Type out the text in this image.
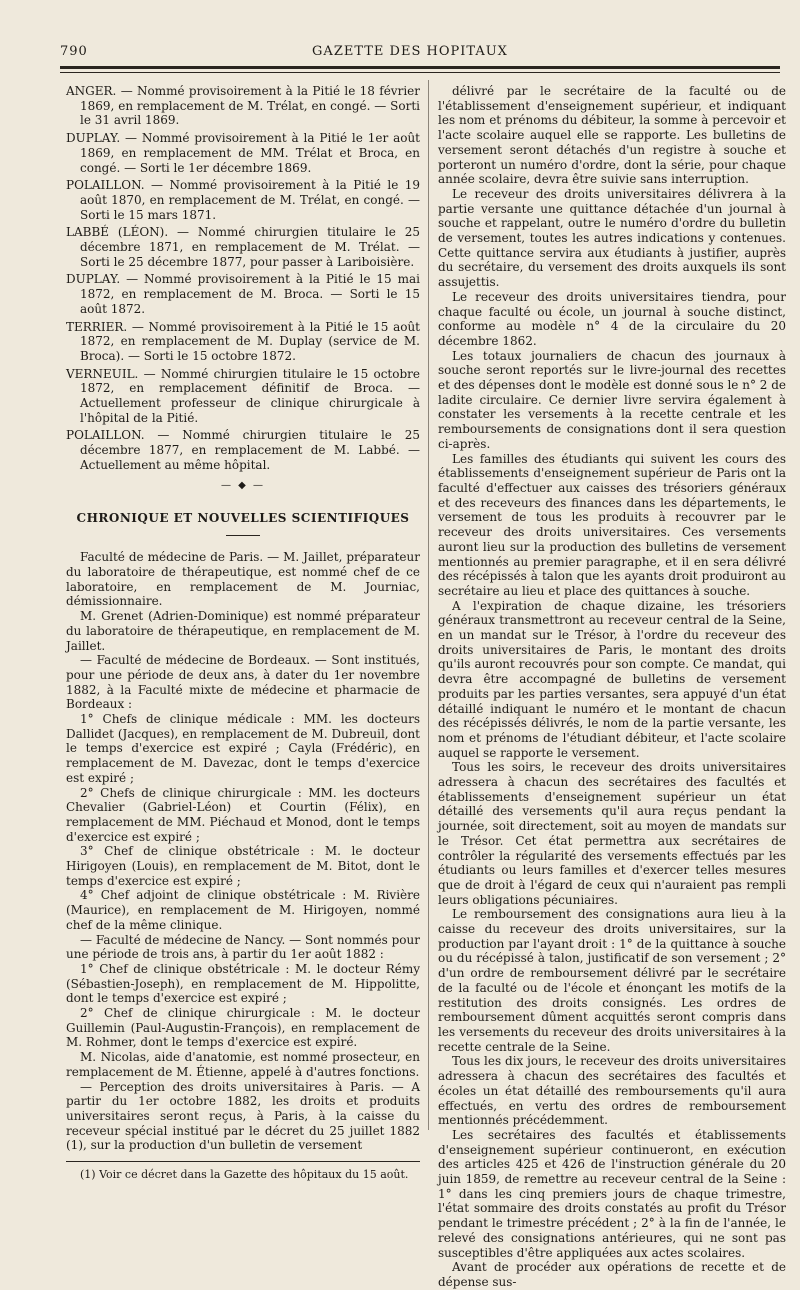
790	GAZETTE DES HOPITAUX

ANGER. — Nommé provisoirement à la Pitié le 18 février 1869, en remplacement de M. Trélat, en congé. — Sorti le 31 avril 1869.

DUPLAY. — Nommé provisoirement à la Pitié le 1er août 1869, en remplacement de MM. Trélat et Broca, en congé. — Sorti le 1er décembre 1869.

POLAILLON. — Nommé provisoirement à la Pitié le 19 août 1870, en remplacement de M. Trélat, en congé. — Sorti le 15 mars 1871.

LABBÉ (LÉON). — Nommé chirurgien titulaire le 25 décembre 1871, en remplacement de M. Trélat. — Sorti le 25 décembre 1877, pour passer à Lariboisière.

DUPLAY. — Nommé provisoirement à la Pitié le 15 mai 1872, en remplacement de M. Broca. — Sorti le 15 août 1872.

TERRIER. — Nommé provisoirement à la Pitié le 15 août 1872, en remplacement de M. Duplay (service de M. Broca). — Sorti le 15 octobre 1872.

VERNEUIL. — Nommé chirurgien titulaire le 15 octobre 1872, en remplacement définitif de Broca. — Actuellement professeur de clinique chirurgicale à l'hôpital de la Pitié.

POLAILLON. — Nommé chirurgien titulaire le 25 décembre 1877, en remplacement de M. Labbé. — Actuellement au même hôpital.

— ◆ —
CHRONIQUE ET NOUVELLES SCIENTIFIQUES

Faculté de médecine de Paris. — M. Jaillet, préparateur du laboratoire de thérapeutique, est nommé chef de ce laboratoire, en remplacement de M. Journiac, démissionnaire.

M. Grenet (Adrien-Dominique) est nommé préparateur du laboratoire de thérapeutique, en remplacement de M. Jaillet.

— Faculté de médecine de Bordeaux. — Sont institués, pour une période de deux ans, à dater du 1er novembre 1882, à la Faculté mixte de médecine et pharmacie de Bordeaux :

1° Chefs de clinique médicale : MM. les docteurs Dallidet (Jacques), en remplacement de M. Dubreuil, dont le temps d'exercice est expiré ; Cayla (Frédéric), en remplacement de M. Davezac, dont le temps d'exercice est expiré ;

2° Chefs de clinique chirurgicale : MM. les docteurs Chevalier (Gabriel-Léon) et Courtin (Félix), en remplacement de MM. Piéchaud et Monod, dont le temps d'exercice est expiré ;

3° Chef de clinique obstétricale : M. le docteur Hirigoyen (Louis), en remplacement de M. Bitot, dont le temps d'exercice est expiré ;

4° Chef adjoint de clinique obstétricale : M. Rivière (Maurice), en remplacement de M. Hirigoyen, nommé chef de la même clinique.

— Faculté de médecine de Nancy. — Sont nommés pour une période de trois ans, à partir du 1er août 1882 :

1° Chef de clinique obstétricale : M. le docteur Rémy (Sébastien-Joseph), en remplacement de M. Hippolitte, dont le temps d'exercice est expiré ;

2° Chef de clinique chirurgicale : M. le docteur Guillemin (Paul-Augustin-François), en remplacement de M. Rohmer, dont le temps d'exercice est expiré.

M. Nicolas, aide d'anatomie, est nommé prosecteur, en remplacement de M. Étienne, appelé à d'autres fonctions.

— Perception des droits universitaires à Paris. — A partir du 1er octobre 1882, les droits et produits universitaires seront reçus, à Paris, à la caisse du receveur spécial institué par le décret du 25 juillet 1882 (1), sur la production d'un bulletin de versement

(1) Voir ce décret dans la Gazette des hôpitaux du 15 août.

délivré par le secrétaire de la faculté ou de l'établissement d'enseignement supérieur, et indiquant les nom et prénoms du débiteur, la somme à percevoir et l'acte scolaire auquel elle se rapporte. Les bulletins de versement seront détachés d'un registre à souche et porteront un numéro d'ordre, dont la série, pour chaque année scolaire, devra être suivie sans interruption.

Le receveur des droits universitaires délivrera à la partie versante une quittance détachée d'un journal à souche et rappelant, outre le numéro d'ordre du bulletin de versement, toutes les autres indications y contenues. Cette quittance servira aux étudiants à justifier, auprès du secrétaire, du versement des droits auxquels ils sont assujettis.

Le receveur des droits universitaires tiendra, pour chaque faculté ou école, un journal à souche distinct, conforme au modèle n° 4 de la circulaire du 20 décembre 1862.

Les totaux journaliers de chacun des journaux à souche seront reportés sur le livre-journal des recettes et des dépenses dont le modèle est donné sous le n° 2 de ladite circulaire. Ce dernier livre servira également à constater les versements à la recette centrale et les remboursements de consignations dont il sera question ci-après.

Les familles des étudiants qui suivent les cours des établissements d'enseignement supérieur de Paris ont la faculté d'effectuer aux caisses des trésoriers généraux et des receveurs des finances dans les départements, le versement de tous les produits à recouvrer par le receveur des droits universitaires. Ces versements auront lieu sur la production des bulletins de versement mentionnés au premier paragraphe, et il en sera délivré des récépissés à talon que les ayants droit produiront au secrétaire au lieu et place des quittances à souche.

A l'expiration de chaque dizaine, les trésoriers généraux transmettront au receveur central de la Seine, en un mandat sur le Trésor, à l'ordre du receveur des droits universitaires de Paris, le montant des droits qu'ils auront recouvrés pour son compte. Ce mandat, qui devra être accompagné de bulletins de versement produits par les parties versantes, sera appuyé d'un état détaillé indiquant le numéro et le montant de chacun des récépissés délivrés, le nom de la partie versante, les nom et prénoms de l'étudiant débiteur, et l'acte scolaire auquel se rapporte le versement.

Tous les soirs, le receveur des droits universitaires adressera à chacun des secrétaires des facultés et établissements d'enseignement supérieur un état détaillé des versements qu'il aura reçus pendant la journée, soit directement, soit au moyen de mandats sur le Trésor. Cet état permettra aux secrétaires de contrôler la régularité des versements effectués par les étudiants ou leurs familles et d'exercer telles mesures que de droit à l'égard de ceux qui n'auraient pas rempli leurs obligations pécuniaires.

Le remboursement des consignations aura lieu à la caisse du receveur des droits universitaires, sur la production par l'ayant droit : 1° de la quittance à souche ou du récépissé à talon, justificatif de son versement ; 2° d'un ordre de remboursement délivré par le secrétaire de la faculté ou de l'école et énonçant les motifs de la restitution des droits consignés. Les ordres de remboursement dûment acquittés seront compris dans les versements du receveur des droits universitaires à la recette centrale de la Seine.

Tous les dix jours, le receveur des droits universitaires adressera à chacun des secrétaires des facultés et écoles un état détaillé des remboursements qu'il aura effectués, en vertu des ordres de remboursement mentionnés précédemment.

Les secrétaires des facultés et établissements d'enseignement supérieur continueront, en exécution des articles 425 et 426 de l'instruction générale du 20 juin 1859, de remettre au receveur central de la Seine : 1° dans les cinq premiers jours de chaque trimestre, l'état sommaire des droits constatés au profit du Trésor pendant le trimestre précédent ; 2° à la fin de l'année, le relevé des consignations antérieures, qui ne sont pas susceptibles d'être appliquées aux actes scolaires.

Avant de procéder aux opérations de recette et de dépense sus-
